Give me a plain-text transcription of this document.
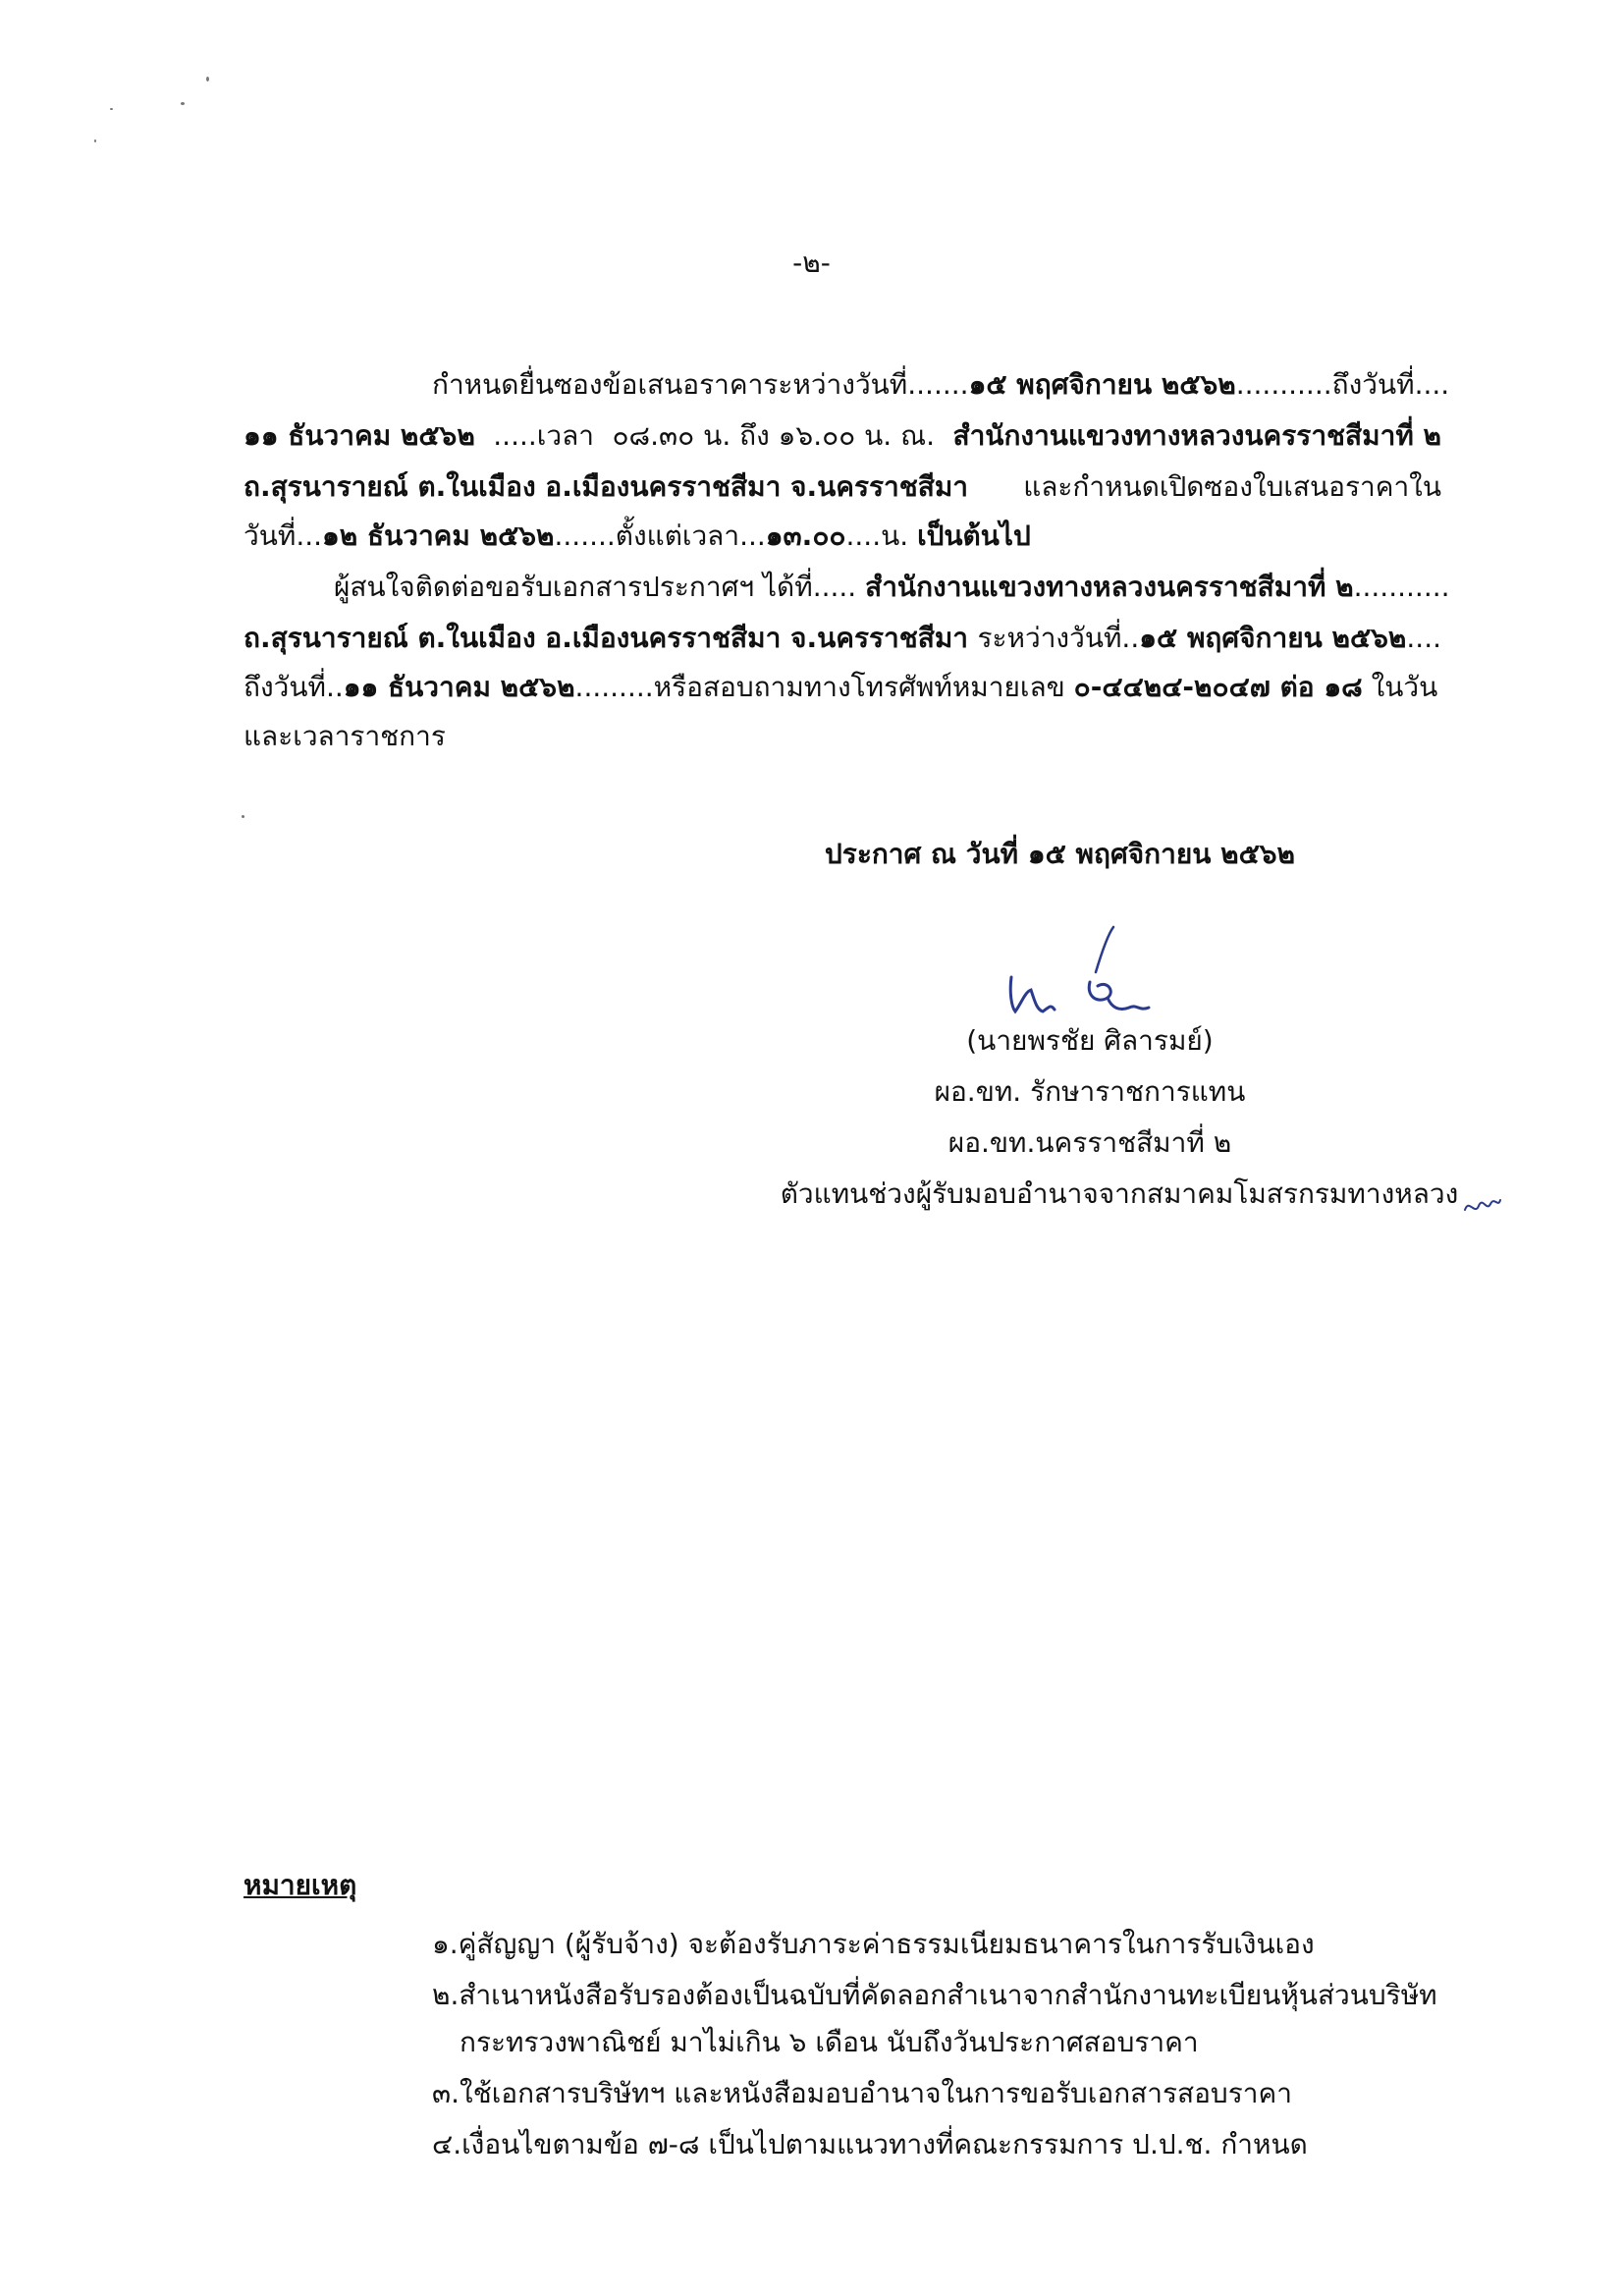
-๒-
กำหนดยื่นซองข้อเสนอราคาระหว่างวันที่.......๑๕ พฤศจิกายน ๒๕๖๒...........ถึงวันที่....
๑๑ ธันวาคม ๒๕๖๒ .....เวลา ๐๘.๓๐ น. ถึง ๑๖.๐๐ น. ณ. สำนักงานแขวงทางหลวงนครราชสีมาที่ ๒
ถ.สุรนารายณ์ ต.ในเมือง อ.เมืองนครราชสีมา จ.นครราชสีมา และกำหนดเปิดซองใบเสนอราคาใน
วันที่...๑๒ ธันวาคม ๒๕๖๒.......ตั้งแต่เวลา...๑๓.๐๐....น. เป็นต้นไป
ผู้สนใจติดต่อขอรับเอกสารประกาศฯ ได้ที่..... สำนักงานแขวงทางหลวงนครราชสีมาที่ ๒...........
ถ.สุรนารายณ์ ต.ในเมือง อ.เมืองนครราชสีมา จ.นครราชสีมา ระหว่างวันที่..๑๕ พฤศจิกายน ๒๕๖๒....
ถึงวันที่..๑๑ ธันวาคม ๒๕๖๒.........หรือสอบถามทางโทรศัพท์หมายเลข ๐-๔๔๒๔-๒๐๔๗ ต่อ ๑๘ ในวัน
และเวลาราชการ
ประกาศ ณ วันที่ ๑๕ พฤศจิกายน ๒๕๖๒
(นายพรชัย ศิลารมย์)
ผอ.ขท. รักษาราชการแทน
ผอ.ขท.นครราชสีมาที่ ๒
ตัวแทนช่วงผู้รับมอบอำนาจจากสมาคมโมสรกรมทางหลวง
หมายเหตุ
๑.คู่สัญญา (ผู้รับจ้าง) จะต้องรับภาระค่าธรรมเนียมธนาคารในการรับเงินเอง
๒.สำเนาหนังสือรับรองต้องเป็นฉบับที่คัดลอกสำเนาจากสำนักงานทะเบียนหุ้นส่วนบริษัท
กระทรวงพาณิชย์ มาไม่เกิน ๖ เดือน นับถึงวันประกาศสอบราคา
๓.ใช้เอกสารบริษัทฯ และหนังสือมอบอำนาจในการขอรับเอกสารสอบราคา
๔.เงื่อนไขตามข้อ ๗-๘ เป็นไปตามแนวทางที่คณะกรรมการ ป.ป.ช. กำหนด
